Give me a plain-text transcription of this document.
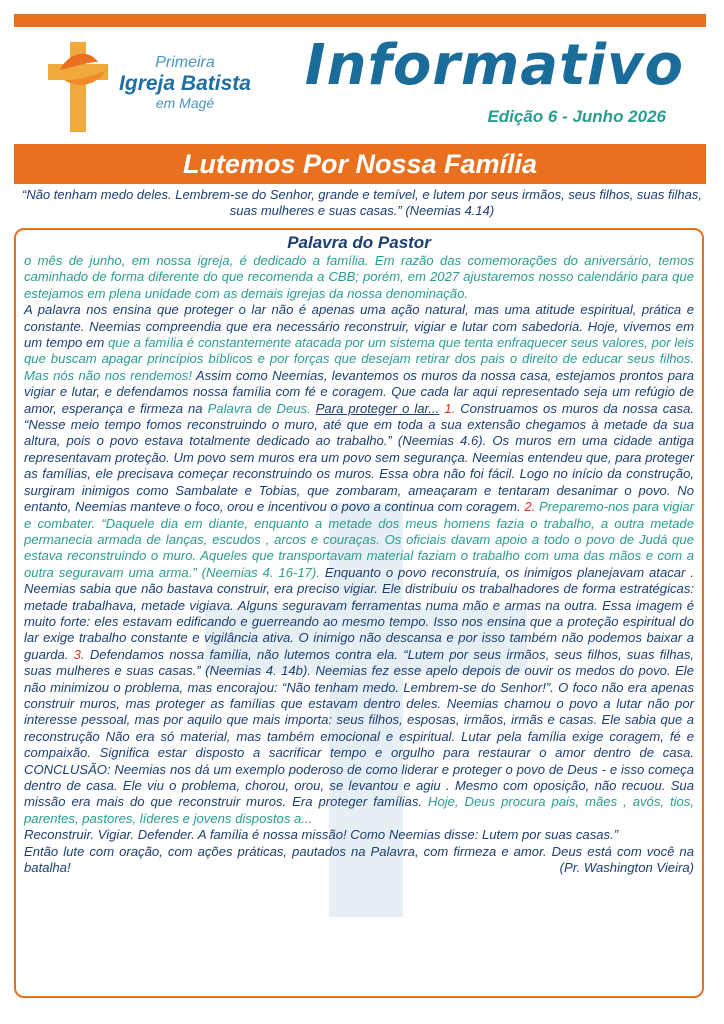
Primeira
Igreja Batista
em Magé
Informativo
Edição 6 - Junho 2026
Lutemos Por Nossa Família
“Não tenham medo deles. Lembrem-se do Senhor, grande e temível, e lutem por seus irmãos, seus filhos, suas filhas, suas mulheres e suas casas.” (Neemias 4.14)
Palavra do Pastor
o mês de junho, em nossa igreja, é dedicado a família. Em razão das comemorações do aniversário, temos caminhado de forma diferente do que recomenda a CBB; porém, em 2027 ajustaremos nosso calendário para que estejamos em plena unidade com as demais igrejas da nossa denominação.
A palavra nos ensina que proteger o lar não é apenas uma ação natural, mas uma atitude espiritual, prática e constante. Neemias compreendia que era necessário reconstruir, vigiar e lutar com sabedoria. Hoje, vivemos em um tempo em que a família é constantemente atacada por um sistema que tenta enfraquecer seus valores, por leis que buscam apagar princípios bíblicos e por forças que desejam retirar dos pais o direito de educar seus filhos. Mas nós não nos rendemos! Assim como Neemias, levantemos os muros da nossa casa, estejamos prontos para vigiar e lutar, e defendamos nossa família com fé e coragem. Que cada lar aqui representado seja um refúgio de amor, esperança e firmeza na Palavra de Deus. Para proteger o lar... 1. Construamos os muros da nossa casa. “Nesse meio tempo fomos reconstruindo o muro, até que em toda a sua extensão chegamos à metade da sua altura, pois o povo estava totalmente dedicado ao trabalho.” (Neemias 4.6). Os muros em uma cidade antiga representavam proteção. Um povo sem muros era um povo sem segurança. Neemias entendeu que, para proteger as famílias, ele precisava começar reconstruindo os muros. Essa obra não foi fácil. Logo no início da construção, surgiram inimigos como Sambalate e Tobias, que zombaram, ameaçaram e tentaram desanimar o povo. No entanto, Neemias manteve o foco, orou e incentivou o povo a continua com coragem. 2. Preparemo-nos para vigiar e combater. “Daquele dia em diante, enquanto a metade dos meus homens fazia o trabalho, a outra metade permanecia armada de lanças, escudos , arcos e couraças. Os oficiais davam apoio a todo o povo de Judá que estava reconstruindo o muro. Aqueles que transportavam material faziam o trabalho com uma das mãos e com a outra seguravam uma arma.” (Neemias 4. 16-17). Enquanto o povo reconstruía, os inimigos planejavam atacar . Neemias sabia que não bastava construir, era preciso vigiar. Ele distribuiu os trabalhadores de forma estratégicas: metade trabalhava, metade vigiava. Alguns seguravam ferramentas numa mão e armas na outra. Essa imagem é muito forte: eles estavam edificando e guerreando ao mesmo tempo. Isso nos ensina que a proteção espiritual do lar exige trabalho constante e vigilância ativa. O inimigo não descansa e por isso também não podemos baixar a guarda. 3. Defendamos nossa família, não lutemos contra ela. “Lutem por seus irmãos, seus filhos, suas filhas, suas mulheres e suas casas.” (Neemias 4. 14b). Neemias fez esse apelo depois de ouvir os medos do povo. Ele não minimizou o problema, mas encorajou: “Não tenham medo. Lembrem-se do Senhor!”. O foco não era apenas construir muros, mas proteger as famílias que estavam dentro deles. Neemias chamou o povo a lutar não por interesse pessoal, mas por aquilo que mais importa: seus filhos, esposas, irmãos, irmãs e casas. Ele sabia que a reconstrução Não era só material, mas também emocional e espiritual. Lutar pela família exige coragem, fé e compaixão. Significa estar disposto a sacrificar tempo e orgulho para restaurar o amor dentro de casa. CONCLUSÃO: Neemias nos dá um exemplo poderoso de como liderar e proteger o povo de Deus - e isso começa dentro de casa. Ele viu o problema, chorou, orou, se levantou e agiu . Mesmo com oposição, não recuou. Sua missão era mais do que reconstruir muros. Era proteger famílias. Hoje, Deus procura pais, mães , avós, tios, parentes, pastores, líderes e jovens dispostos a...
Reconstruir. Vigiar. Defender. A família é nossa missão! Como Neemias disse: Lutem por suas casas.”
Então lute com oração, com ações práticas, pautados na Palavra, com firmeza e amor. Deus está com você na batalha!	(Pr. Washington Vieira)
